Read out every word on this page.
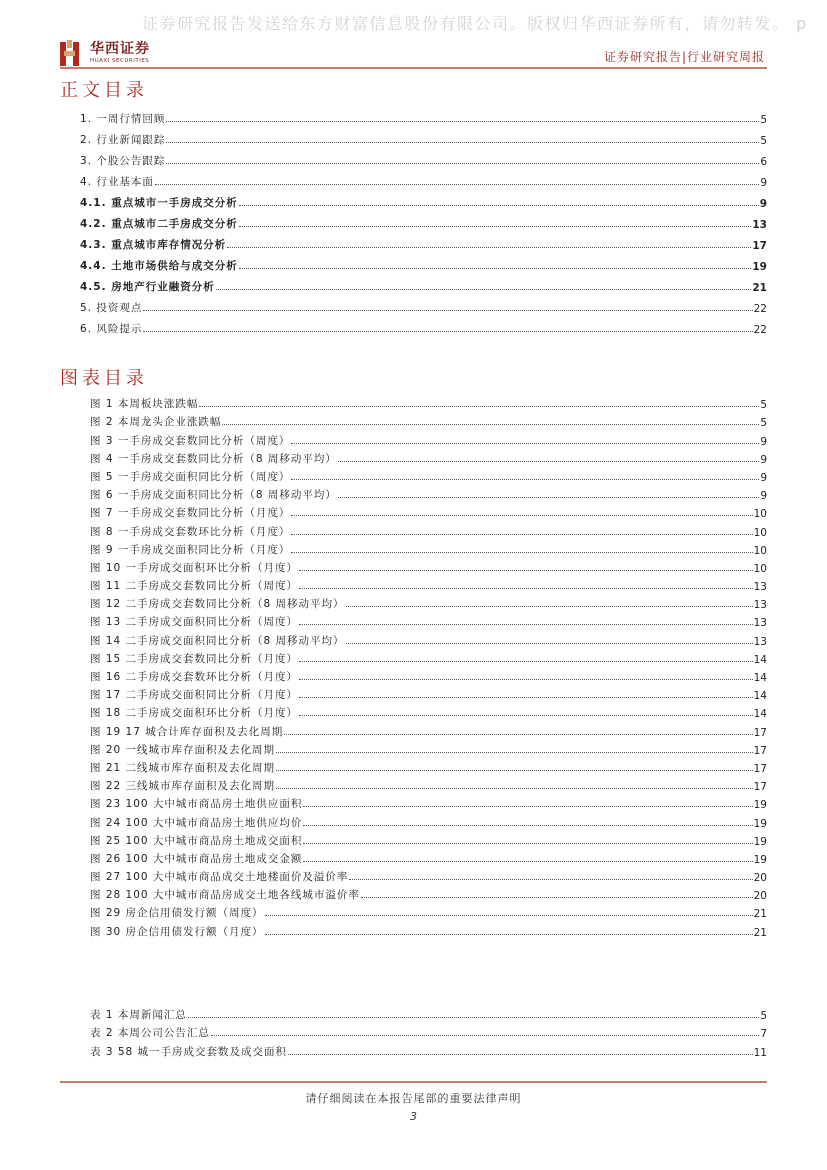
证券研究报告发送给东方财富信息股份有限公司。版权归华西证券所有，请勿转发。 p
华西证券
HUAXI SECURITIES	证券研究报告|行业研究周报
正文目录
1. 一周行情回顾	5
2. 行业新闻跟踪	5
3. 个股公告跟踪	6
4. 行业基本面	9
4.1. 重点城市一手房成交分析	9
4.2. 重点城市二手房成交分析	13
4.3. 重点城市库存情况分析	17
4.4. 土地市场供给与成交分析	19
4.5. 房地产行业融资分析	21
5. 投资观点	22
6. 风险提示	22
图表目录
图 1 本周板块涨跌幅	5
图 2 本周龙头企业涨跌幅	5
图 3 一手房成交套数同比分析（周度）	9
图 4 一手房成交套数同比分析（8 周移动平均）	9
图 5 一手房成交面积同比分析（周度）	9
图 6 一手房成交面积同比分析（8 周移动平均）	9
图 7 一手房成交套数同比分析（月度）	10
图 8 一手房成交套数环比分析（月度）	10
图 9 一手房成交面积同比分析（月度）	10
图 10 一手房成交面积环比分析（月度）	10
图 11 二手房成交套数同比分析（周度）	13
图 12 二手房成交套数同比分析（8 周移动平均）	13
图 13 二手房成交面积同比分析（周度）	13
图 14 二手房成交面积同比分析（8 周移动平均）	13
图 15 二手房成交套数同比分析（月度）	14
图 16 二手房成交套数环比分析（月度）	14
图 17 二手房成交面积同比分析（月度）	14
图 18 二手房成交面积环比分析（月度）	14
图 19 17 城合计库存面积及去化周期	17
图 20 一线城市库存面积及去化周期	17
图 21 二线城市库存面积及去化周期	17
图 22 三线城市库存面积及去化周期	17
图 23 100 大中城市商品房土地供应面积	19
图 24 100 大中城市商品房土地供应均价	19
图 25 100 大中城市商品房土地成交面积	19
图 26 100 大中城市商品房土地成交金额	19
图 27 100 大中城市商品成交土地楼面价及溢价率	20
图 28 100 大中城市商品房成交土地各线城市溢价率	20
图 29 房企信用债发行额（周度）	21
图 30 房企信用债发行额（月度）	21
表 1 本周新闻汇总	5
表 2 本周公司公告汇总	7
表 3 58 城一手房成交套数及成交面积	11
请仔细阅读在本报告尾部的重要法律声明
3
